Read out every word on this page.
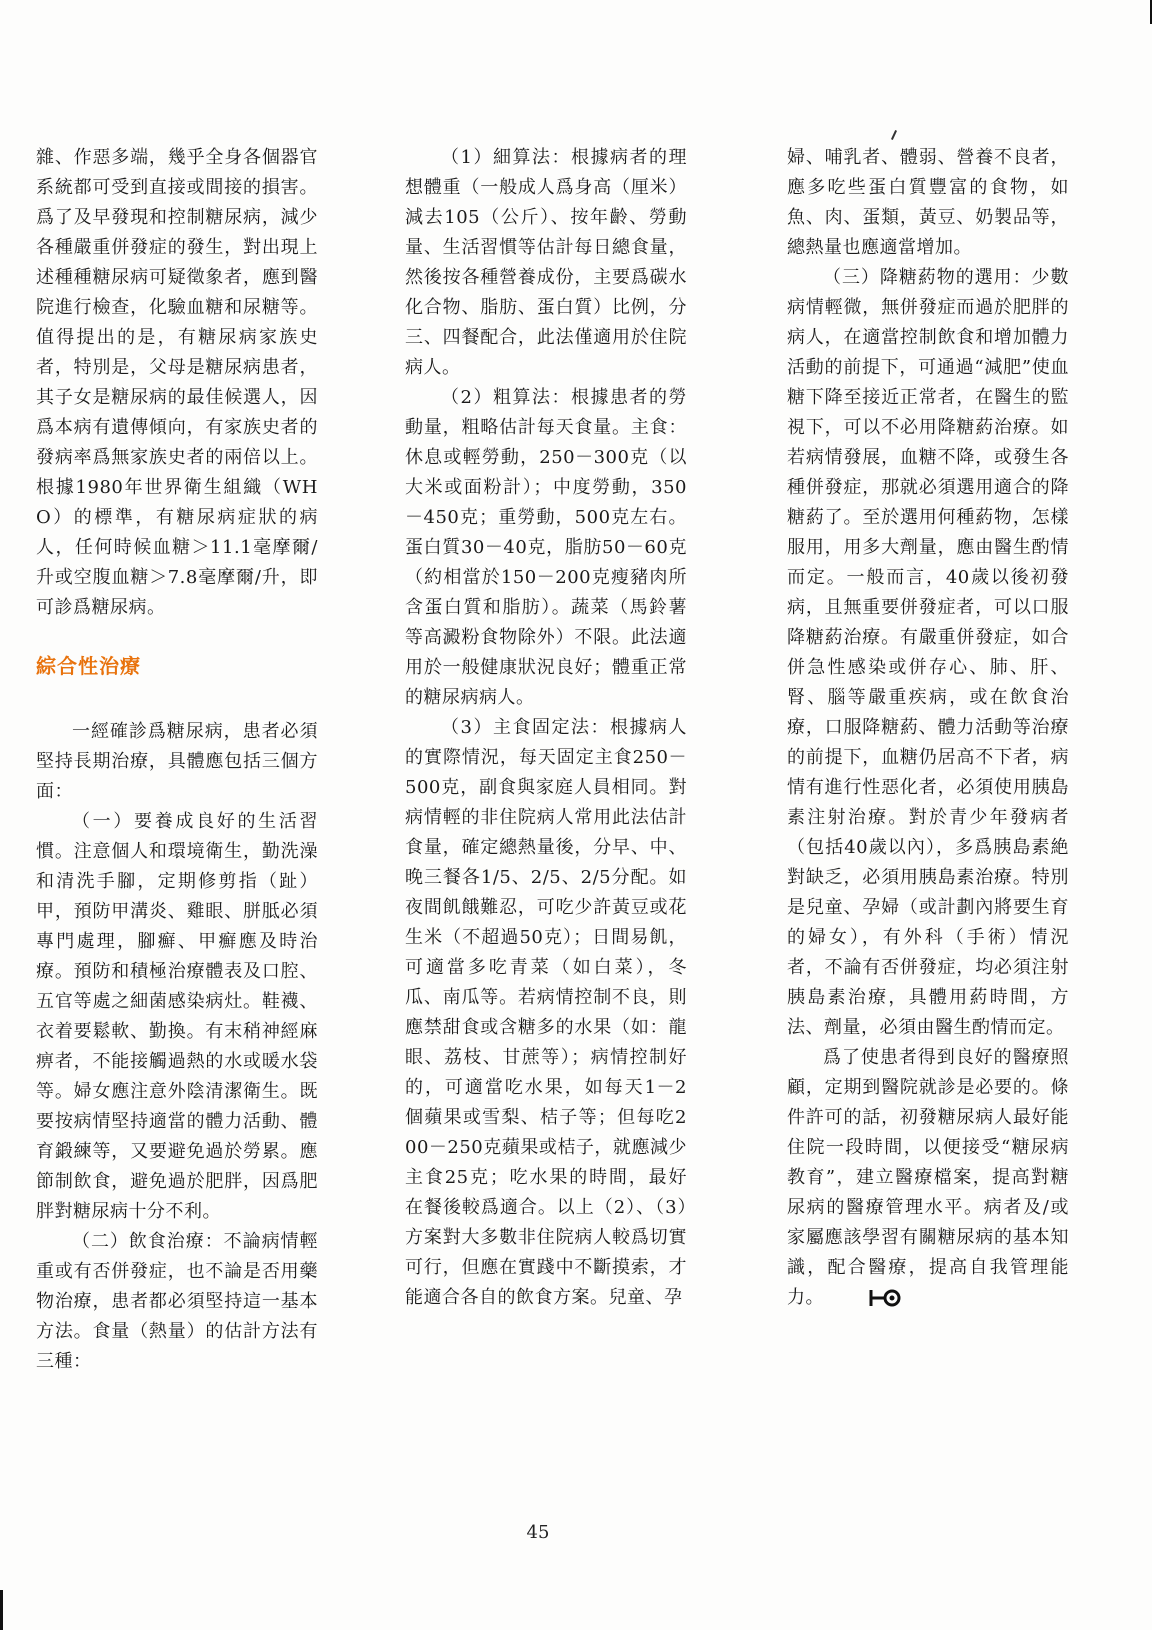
雜、作惡多端，幾乎全身各個器官系統都可受到直接或間接的損害。爲了及早發現和控制糖尿病，減少各種嚴重併發症的發生，對出現上述種種糖尿病可疑徵象者，應到醫院進行檢查，化驗血糖和尿糖等。值得提出的是，有糖尿病家族史者，特別是，父母是糖尿病患者，其子女是糖尿病的最佳候選人，因爲本病有遺傳傾向，有家族史者的發病率爲無家族史者的兩倍以上。根據1980年世界衛生組織（WHO）的標準，有糖尿病症狀的病人，任何時候血糖＞11.1毫摩爾/升或空腹血糖＞7.8毫摩爾/升，即可診爲糖尿病。

綜合性治療

一經確診爲糖尿病，患者必須堅持長期治療，具體應包括三個方面：

（一）要養成良好的生活習慣。注意個人和環境衛生，勤洗澡和清洗手腳，定期修剪指（趾）甲，預防甲溝炎、雞眼、胼胝必須專門處理，腳癬、甲癬應及時治療。預防和積極治療體表及口腔、五官等處之細菌感染病灶。鞋襪、衣着要鬆軟、勤換。有末稍神經麻痹者，不能接觸過熱的水或暖水袋等。婦女應注意外陰清潔衛生。既要按病情堅持適當的體力活動、體育鍛練等，又要避免過於勞累。應節制飲食，避免過於肥胖，因爲肥胖對糖尿病十分不利。

（二）飲食治療：不論病情輕重或有否併發症，也不論是否用藥物治療，患者都必須堅持這一基本方法。食量（熱量）的估計方法有三種：

（1）細算法：根據病者的理想體重（一般成人爲身高（厘米）減去105（公斤）、按年齡、勞動量、生活習慣等估計每日總食量，然後按各種營養成份，主要爲碳水化合物、脂肪、蛋白質）比例，分三、四餐配合，此法僅適用於住院病人。

（2）粗算法：根據患者的勞動量，粗略估計每天食量。主食：休息或輕勞動，250－300克（以大米或面粉計）；中度勞動，350－450克；重勞動，500克左右。蛋白質30－40克，脂肪50－60克（約相當於150－200克瘦豬肉所含蛋白質和脂肪）。蔬菜（馬鈴薯等高澱粉食物除外）不限。此法適用於一般健康狀況良好；體重正常的糖尿病病人。

（3）主食固定法：根據病人的實際情況，每天固定主食250－500克，副食與家庭人員相同。對病情輕的非住院病人常用此法估計食量，確定總熱量後，分早、中、晚三餐各1/5、2/5、2/5分配。如夜間飢餓難忍，可吃少許黃豆或花生米（不超過50克）；日間易飢，可適當多吃青菜（如白菜），冬瓜、南瓜等。若病情控制不良，則應禁甜食或含糖多的水果（如：龍眼、荔枝、甘蔗等）；病情控制好的，可適當吃水果，如每天1－2個蘋果或雪梨、桔子等；但每吃200－250克蘋果或桔子，就應減少主食25克；吃水果的時間，最好在餐後較爲適合。以上（2）、（3）方案對大多數非住院病人較爲切實可行，但應在實踐中不斷摸索，才能適合各自的飲食方案。兒童、孕

婦、哺乳者、體弱、營養不良者，應多吃些蛋白質豐富的食物，如魚、肉、蛋類，黃豆、奶製品等，總熱量也應適當增加。

（三）降糖葯物的選用：少數病情輕微，無併發症而過於肥胖的病人，在適當控制飲食和增加體力活動的前提下，可通過“減肥”使血糖下降至接近正常者，在醫生的監視下，可以不必用降糖葯治療。如若病情發展，血糖不降，或發生各種併發症，那就必須選用適合的降糖葯了。至於選用何種葯物，怎樣服用，用多大劑量，應由醫生酌情而定。一般而言，40歲以後初發病，且無重要併發症者，可以口服降糖葯治療。有嚴重併發症，如合併急性感染或併存心、肺、肝、腎、腦等嚴重疾病，或在飲食治療，口服降糖葯、體力活動等治療的前提下，血糖仍居高不下者，病情有進行性惡化者，必須使用胰島素注射治療。對於青少年發病者（包括40歲以內），多爲胰島素絶對缺乏，必須用胰島素治療。特別是兒童、孕婦（或計劃內將要生育的婦女），有外科（手術）情況者，不論有否併發症，均必須注射胰島素治療，具體用葯時間，方法、劑量，必須由醫生酌情而定。

爲了使患者得到良好的醫療照顧，定期到醫院就診是必要的。條件許可的話，初發糖尿病人最好能住院一段時間，以便接受“糖尿病教育”，建立醫療檔案，提高對糖尿病的醫療管理水平。病者及/或家屬應該學習有關糖尿病的基本知識，配合醫療，提高自我管理能力。

45
